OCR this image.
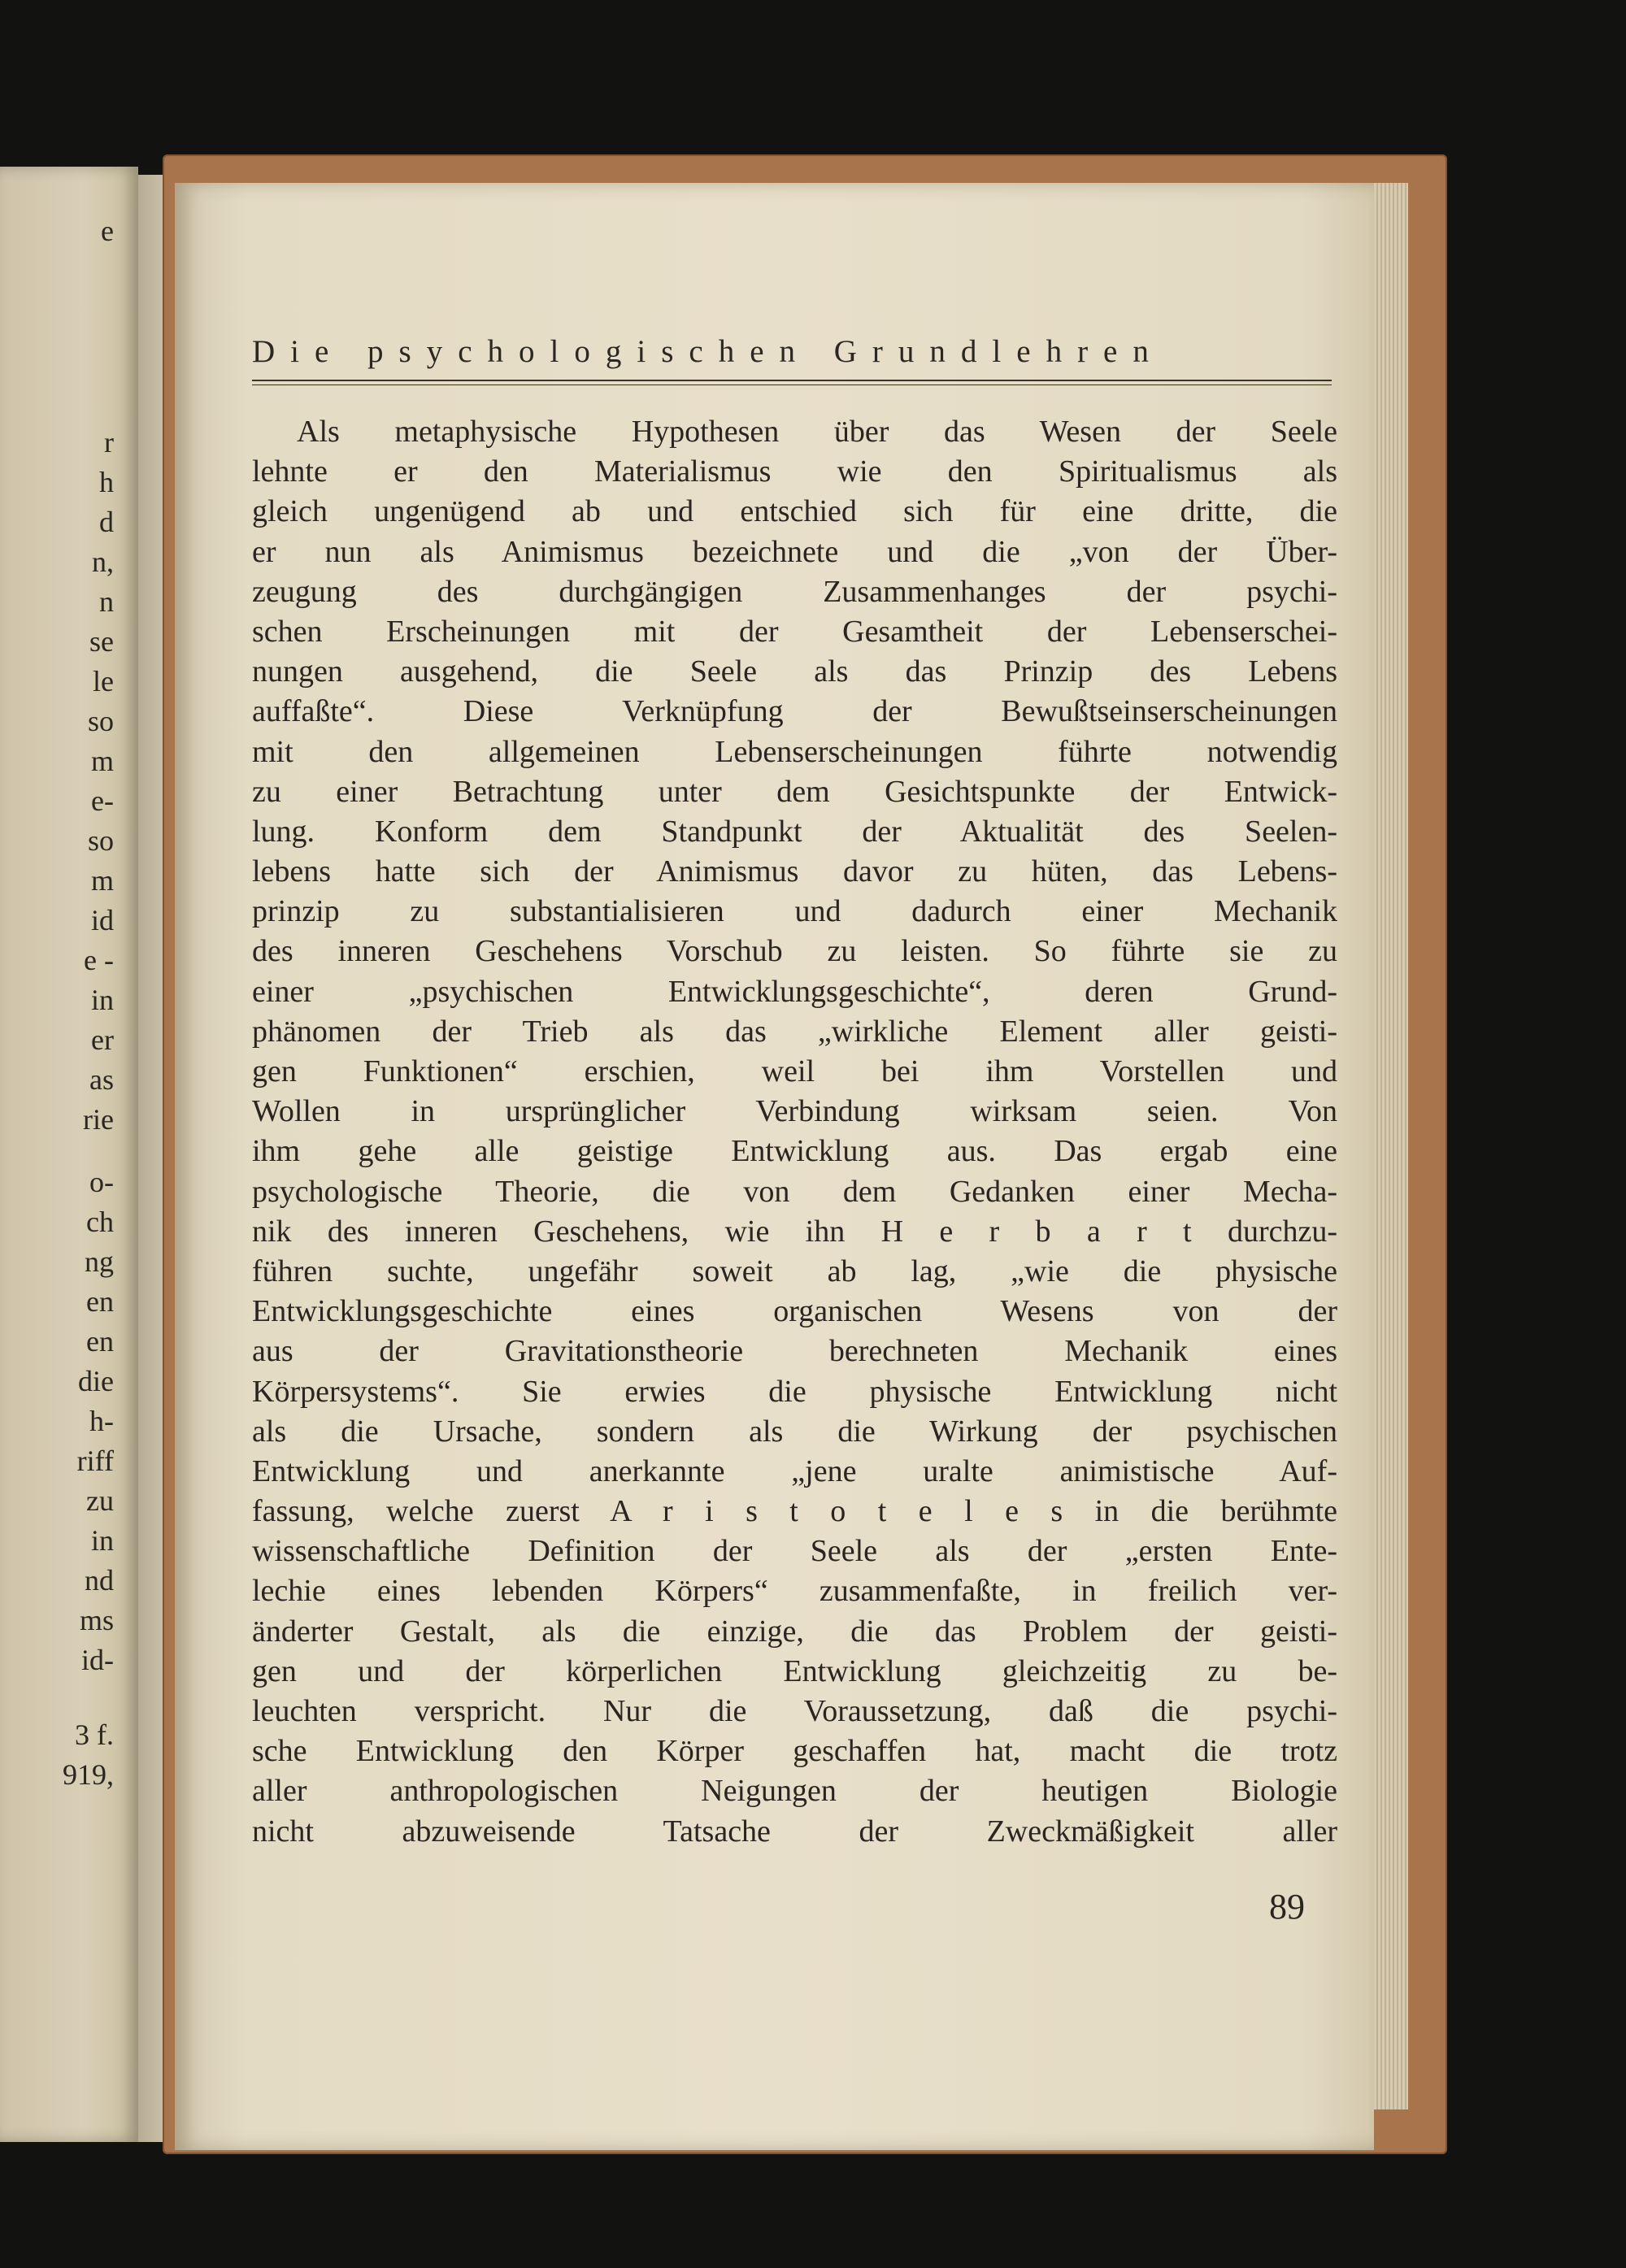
e
r
h
d
n,
n
se
le
so
m
e-
so
m
id
e -
in
er
as
rie
o-
ch
ng
en
en
die
h-
riff
zu
in
nd
ms
id-
3 f.
919,
Die psychologischen Grundlehren
Als metaphysische Hypothesen über das Wesen der Seele
lehnte er den Materialismus wie den Spiritualismus als
gleich ungenügend ab und entschied sich für eine dritte, die
er nun als Animismus bezeichnete und die „von der Über-
zeugung des durchgängigen Zusammenhanges der psychi-
schen Erscheinungen mit der Gesamtheit der Lebenserschei-
nungen ausgehend, die Seele als das Prinzip des Lebens
auffaßte“. Diese Verknüpfung der Bewußtseinserscheinungen
mit den allgemeinen Lebenserscheinungen führte notwendig
zu einer Betrachtung unter dem Gesichtspunkte der Entwick-
lung. Konform dem Standpunkt der Aktualität des Seelen-
lebens hatte sich der Animismus davor zu hüten, das Lebens-
prinzip zu substantialisieren und dadurch einer Mechanik
des inneren Geschehens Vorschub zu leisten. So führte sie zu
einer „psychischen Entwicklungsgeschichte“, deren Grund-
phänomen der Trieb als das „wirkliche Element aller geisti-
gen Funktionen“ erschien, weil bei ihm Vorstellen und
Wollen in ursprünglicher Verbindung wirksam seien. Von
ihm gehe alle geistige Entwicklung aus. Das ergab eine
psychologische Theorie, die von dem Gedanken einer Mecha-
nik des inneren Geschehens, wie ihn H e r b a r t durchzu-
führen suchte, ungefähr soweit ab lag, „wie die physische
Entwicklungsgeschichte eines organischen Wesens von der
aus der Gravitationstheorie berechneten Mechanik eines
Körpersystems“. Sie erwies die physische Entwicklung nicht
als die Ursache, sondern als die Wirkung der psychischen
Entwicklung und anerkannte „jene uralte animistische Auf-
fassung, welche zuerst A r i s t o t e l e s in die berühmte
wissenschaftliche Definition der Seele als der „ersten Ente-
lechie eines lebenden Körpers“ zusammenfaßte, in freilich ver-
änderter Gestalt, als die einzige, die das Problem der geisti-
gen und der körperlichen Entwicklung gleichzeitig zu be-
leuchten verspricht. Nur die Voraussetzung, daß die psychi-
sche Entwicklung den Körper geschaffen hat, macht die trotz
aller anthropologischen Neigungen der heutigen Biologie
nicht abzuweisende Tatsache der Zweckmäßigkeit aller
89
